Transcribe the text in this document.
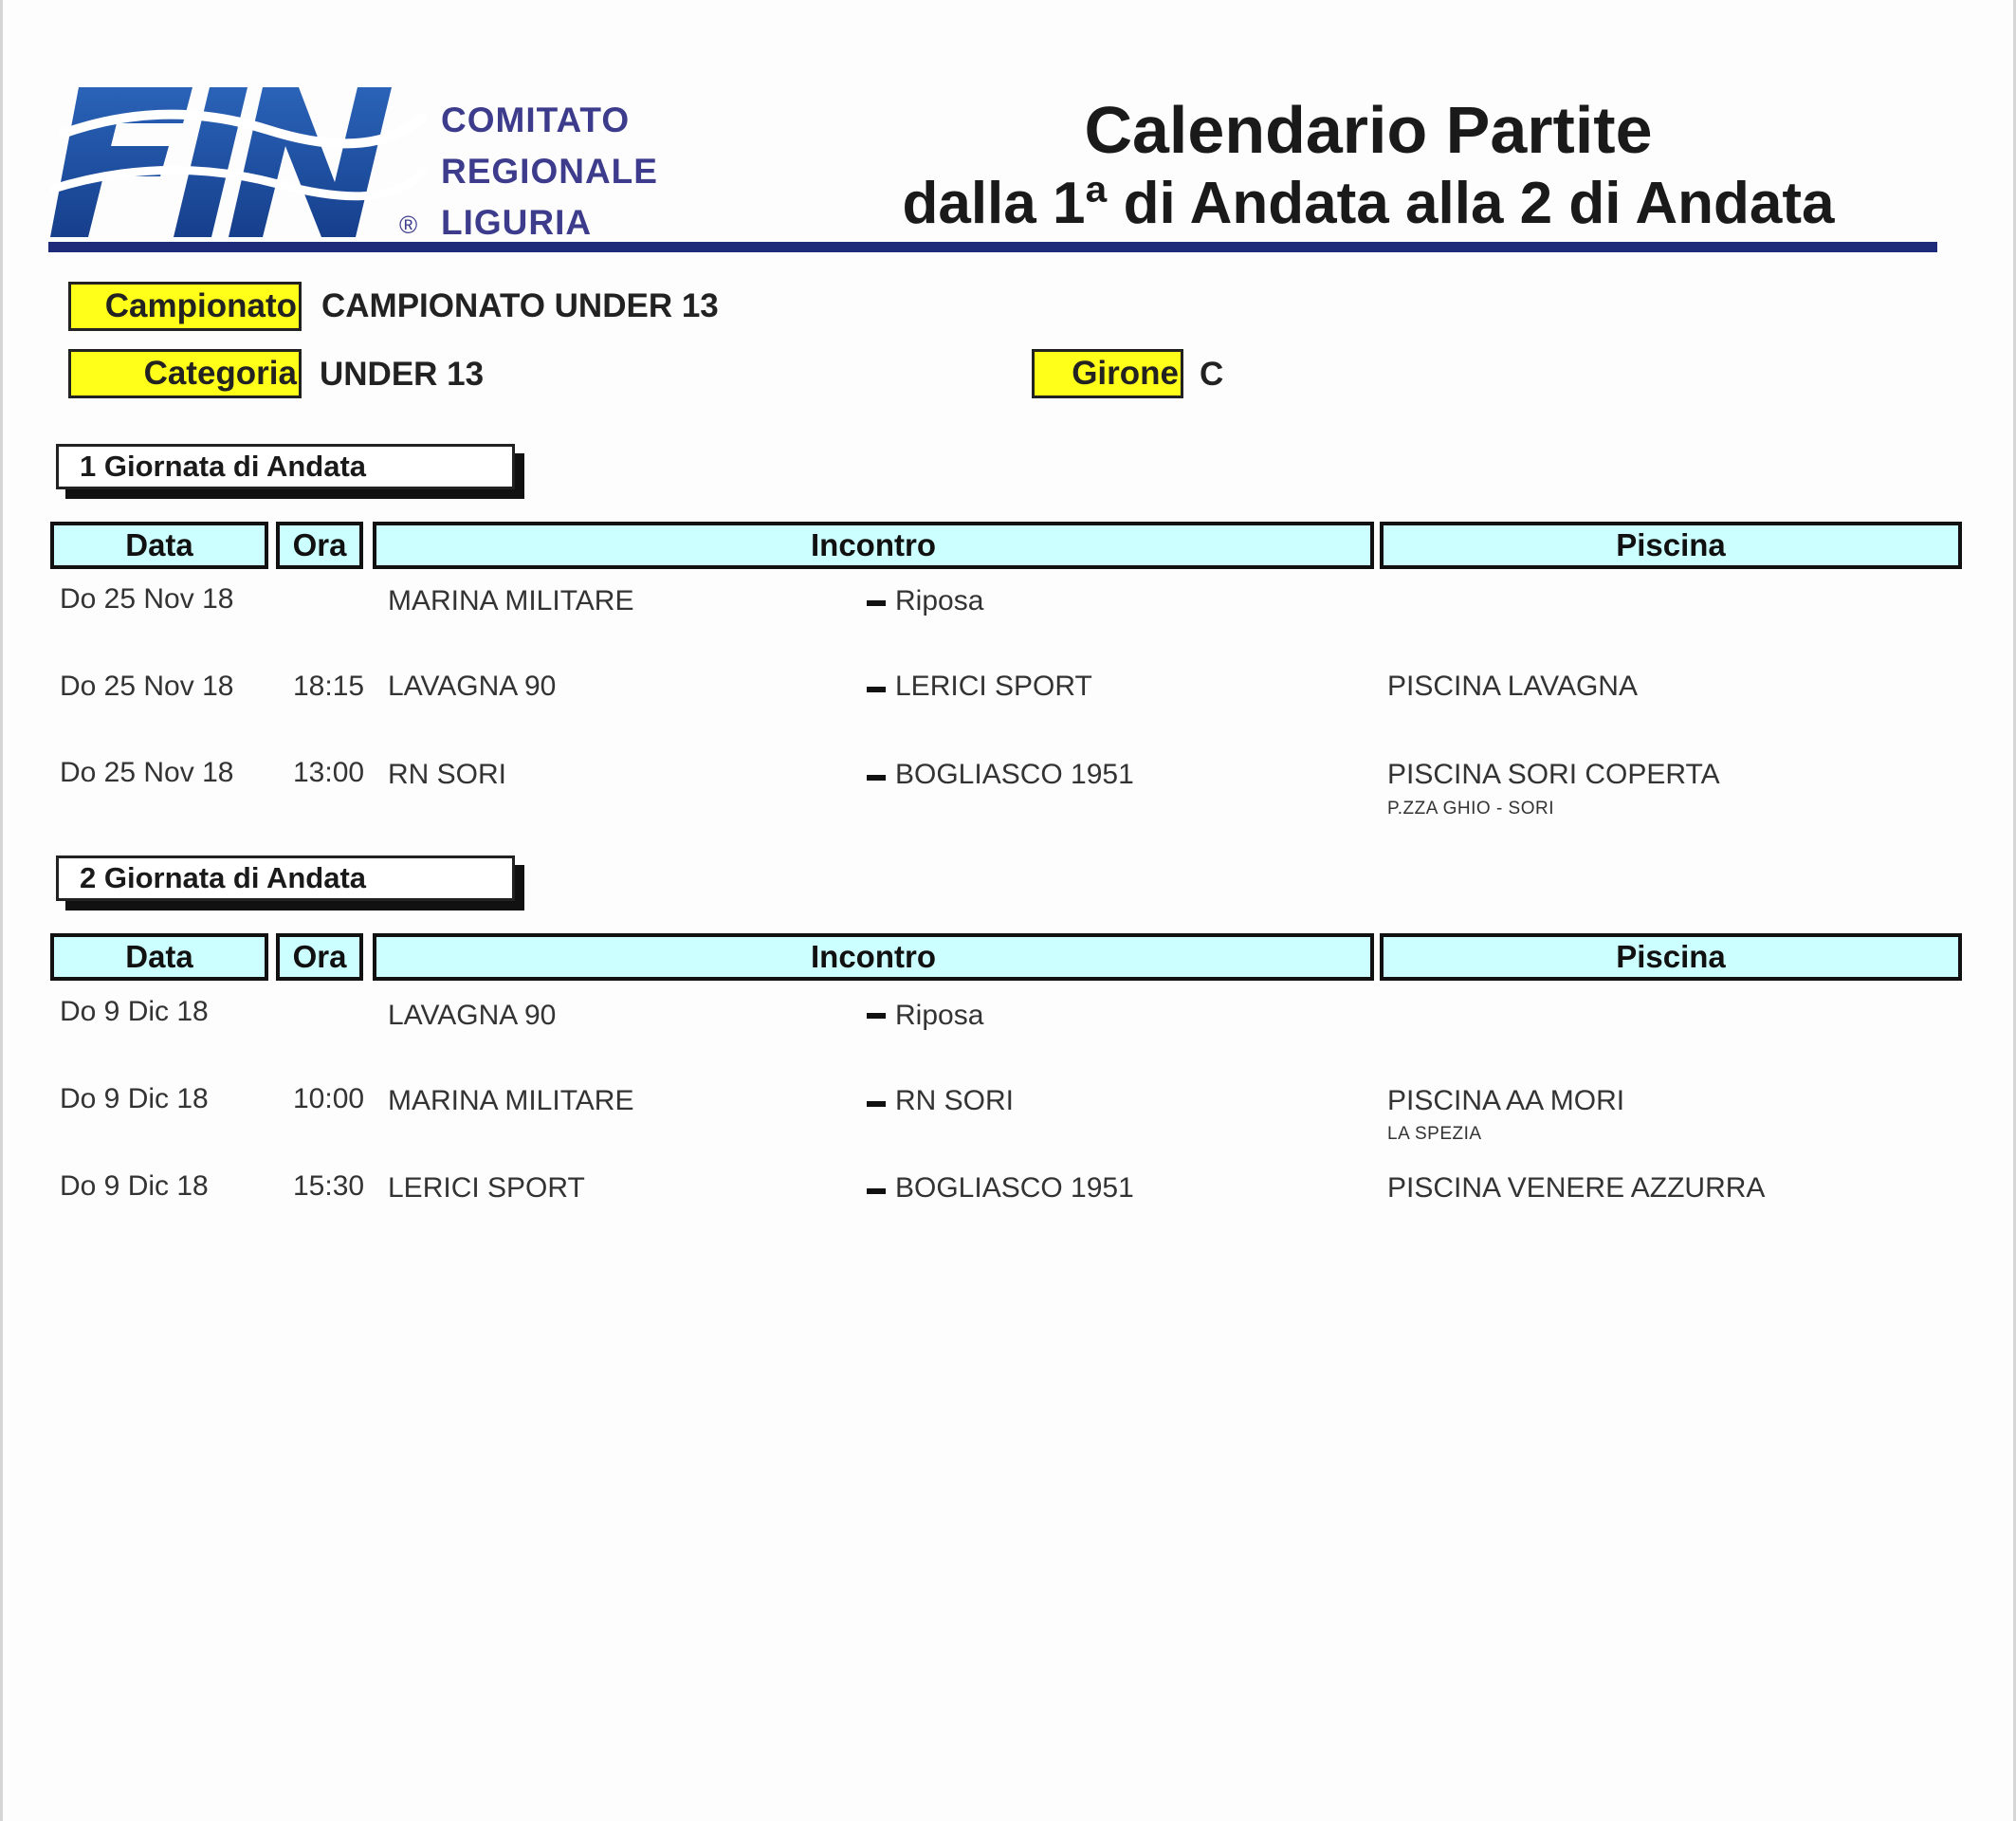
®
COMITATO
REGIONALE
LIGURIA
Calendario Partite
dalla 1ª di Andata alla 2 di Andata
Campionato CAMPIONATO UNDER 13
Categoria UNDER 13	Girone C
1 Giornata di Andata
Data	Ora	Incontro	Piscina
Do 25 Nov 18	MARINA MILITARE	Riposa
Do 25 Nov 18 18:15 LAVAGNA 90	LERICI SPORT	PISCINA LAVAGNA
Do 25 Nov 18 13:00 RN SORI	BOGLIASCO 1951	PISCINA SORI COPERTA
P.ZZA GHIO - SORI
2 Giornata di Andata
Data	Ora	Incontro	Piscina
Do 9 Dic 18	LAVAGNA 90	Riposa
Do 9 Dic 18	10:00 MARINA MILITARE	RN SORI	PISCINA AA MORI
LA SPEZIA
Do 9 Dic 18	15:30 LERICI SPORT	BOGLIASCO 1951	PISCINA VENERE AZZURRA
